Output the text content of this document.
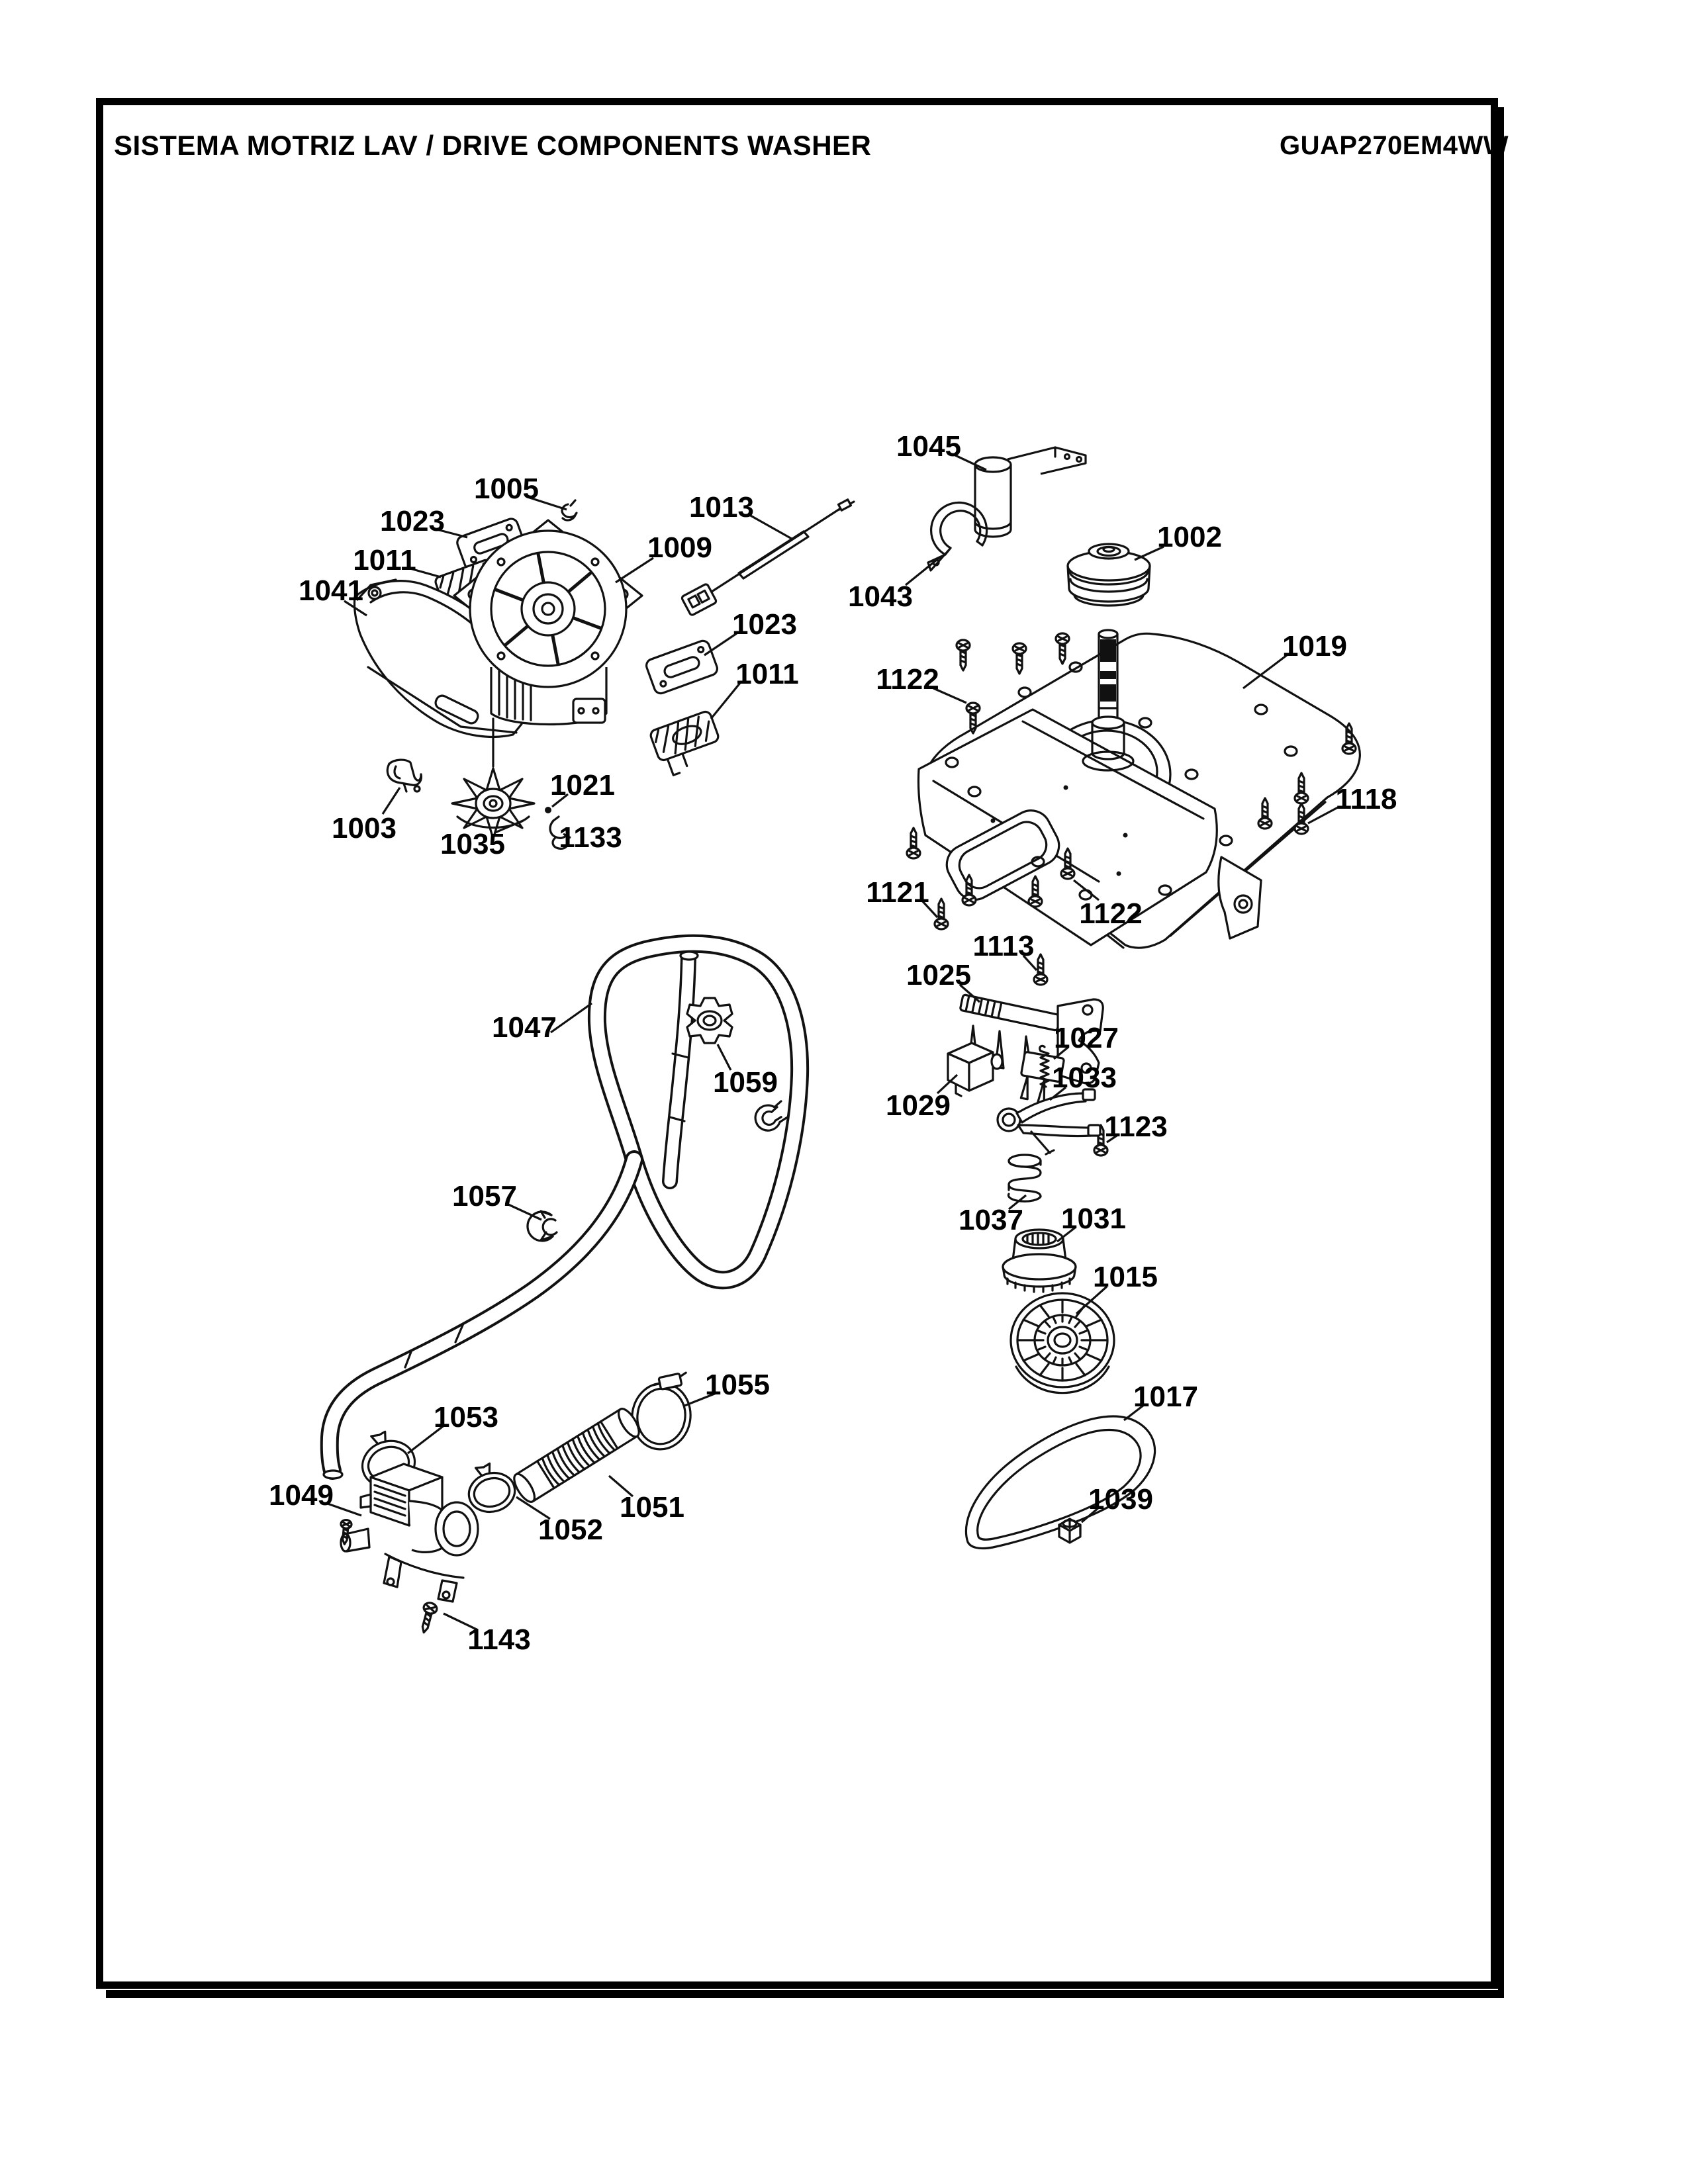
SISTEMA MOTRIZ LAV / DRIVE COMPONENTS WASHER	GUAP270EM4WW
1005
1023
1011
1041
1009
1013
1023
1011
1003 1035
1021
1133
1045
1002
1043
1019
1122
1118
1121
1122
1113
1025
1027
1029
1033
1123
1037 1031
1015
1017
1039
1047
1059
1057
1053
1055
1049	1051
1052
1143
